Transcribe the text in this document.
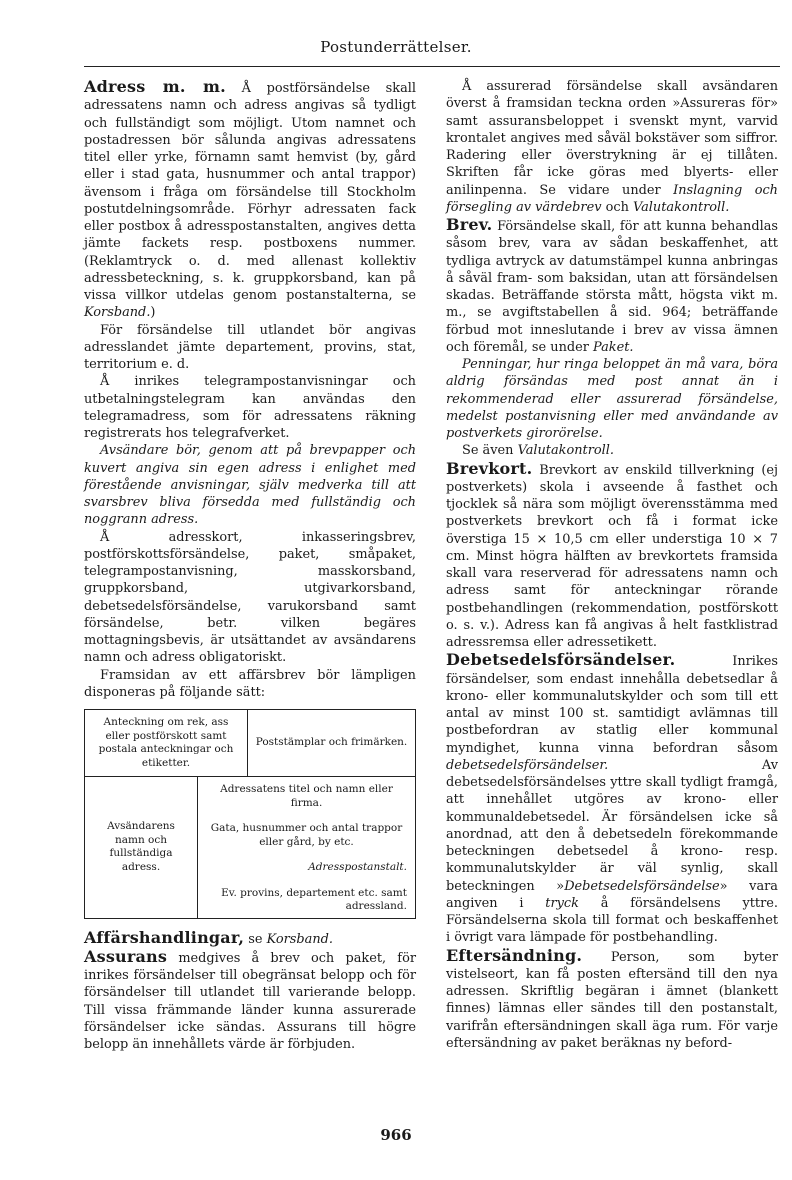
Postunderrättelser.

Adress m. m. Å postförsändelse skall adressatens namn och adress angivas så tydligt och fullständigt som möjligt. Utom namnet och postadressen bör sålunda angivas adressatens titel eller yrke, förnamn samt hemvist (by, gård eller i stad gata, husnummer och antal trappor) ävensom i fråga om försändelse till Stockholm postutdelningsområde. Förhyr adressaten fack eller postbox å adresspostanstalten, angives detta jämte fackets resp. postboxens nummer. (Reklamtryck o. d. med allenast kollektiv adressbeteckning, s. k. gruppkorsband, kan på vissa villkor utdelas genom postanstalterna, se Korsband.)

För försändelse till utlandet bör angivas adresslandet jämte departement, provins, stat, territorium e. d.

Å inrikes telegrampostanvisningar och utbetalningstelegram kan användas den telegramadress, som för adressatens räkning registrerats hos telegrafverket.

Avsändare bör, genom att på brevpapper och kuvert angiva sin egen adress i enlighet med förestående anvisningar, själv medverka till att svarsbrev bliva försedda med fullständig och noggrann adress.

Å adresskort, inkasseringsbrev, postförskottsförsändelse, paket, småpaket, telegrampostanvisning, masskorsband, gruppkorsband, utgivarkorsband, debetsedelsförsändelse, varukorsband samt försändelse, betr. vilken begäres mottagningsbevis, är utsättandet av avsändarens namn och adress obligatoriskt.

Framsidan av ett affärsbrev bör lämpligen disponeras på följande sätt:

Anteckning om rek, ass eller postförskott samt postala anteckningar och etiketter.
Poststämplar och frimärken.
Avsändarens namn och fullständiga adress.
Adressatens titel och namn eller firma.
Gata, husnummer och antal trappor eller gård, by etc.
Adresspostanstalt.
Ev. provins, departement etc. samt adressland.

Affärshandlingar, se Korsband.

Assurans medgives å brev och paket, för inrikes försändelser till obegränsat belopp och för försändelser till utlandet till varierande belopp. Till vissa främmande länder kunna assurerade försändelser icke sändas. Assurans till högre belopp än innehållets värde är förbjuden.

Å assurerad försändelse skall avsändaren överst å framsidan teckna orden »Assureras för» samt assuransbeloppet i svenskt mynt, varvid krontalet angives med såväl bokstäver som siffror. Radering eller överstrykning är ej tillåten. Skriften får icke göras med blyerts- eller anilinpenna. Se vidare under Inslagning och försegling av värdebrev och Valutakontroll.

Brev. Försändelse skall, för att kunna behandlas såsom brev, vara av sådan beskaffenhet, att tydliga avtryck av datumstämpel kunna anbringas å såväl fram- som baksidan, utan att försändelsen skadas. Beträffande största mått, högsta vikt m. m., se avgiftstabellen å sid. 964; beträffande förbud mot inneslutande i brev av vissa ämnen och föremål, se under Paket.

Penningar, hur ringa beloppet än må vara, böra aldrig försändas med post annat än i rekommenderad eller assurerad försändelse, medelst postanvisning eller med användande av postverkets girorörelse.

Se även Valutakontroll.

Brevkort. Brevkort av enskild tillverkning (ej postverkets) skola i avseende å fasthet och tjocklek så nära som möjligt överensstämma med postverkets brevkort och få i format icke överstiga 15 × 10,5 cm eller understiga 10 × 7 cm. Minst högra hälften av brevkortets framsida skall vara reserverad för adressatens namn och adress samt för anteckningar rörande postbehandlingen (rekommendation, postförskott o. s. v.). Adress kan få angivas å helt fastklistrad adressremsa eller adressetikett.

Debetsedelsförsändelser. Inrikes försändelser, som endast innehålla debetsedlar å krono- eller kommunalutskylder och som till ett antal av minst 100 st. samtidigt avlämnas till postbefordran av statlig eller kommunal myndighet, kunna vinna befordran såsom debetsedelsförsändelser. Av debetsedelsförsändelses yttre skall tydligt framgå, att innehållet utgöres av krono- eller kommunaldebetsedel. Är försändelsen icke så anordnad, att den å debetsedeln förekommande beteckningen debetsedel å krono- resp. kommunalutskylder är väl synlig, skall beteckningen »Debetsedelsförsändelse» vara angiven i tryck å försändelsens yttre. Försändelserna skola till format och beskaffenhet i övrigt vara lämpade för postbehandling.

Eftersändning. Person, som byter vistelseort, kan få posten eftersänd till den nya adressen. Skriftlig begäran i ämnet (blankett finnes) lämnas eller sändes till den postanstalt, varifrån eftersändningen skall äga rum. För varje eftersändning av paket beräknas ny beford-

966
